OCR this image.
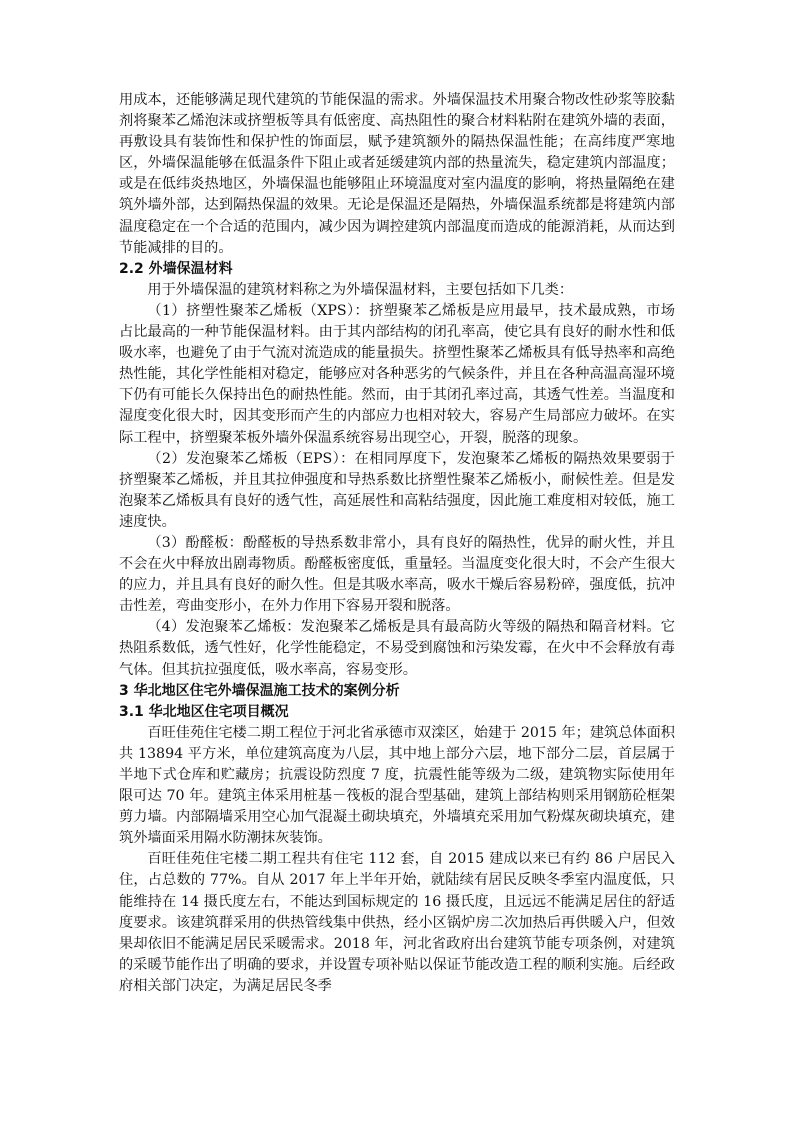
用成本，还能够满足现代建筑的节能保温的需求。外墙保温技术用聚合物改性砂浆等胶黏剂将聚苯乙烯泡沫或挤塑板等具有低密度、高热阻性的聚合材料粘附在建筑外墙的表面，再敷设具有装饰性和保护性的饰面层，赋予建筑额外的隔热保温性能；在高纬度严寒地区，外墙保温能够在低温条件下阻止或者延缓建筑内部的热量流失，稳定建筑内部温度；或是在低纬炎热地区，外墙保温也能够阻止环境温度对室内温度的影响，将热量隔绝在建筑外墙外部，达到隔热保温的效果。无论是保温还是隔热，外墙保温系统都是将建筑内部温度稳定在一个合适的范围内，减少因为调控建筑内部温度而造成的能源消耗，从而达到节能减排的目的。

2.2 外墙保温材料

用于外墙保温的建筑材料称之为外墙保温材料，主要包括如下几类：

（1）挤塑性聚苯乙烯板（XPS）：挤塑聚苯乙烯板是应用最早，技术最成熟，市场占比最高的一种节能保温材料。由于其内部结构的闭孔率高，使它具有良好的耐水性和低吸水率，也避免了由于气流对流造成的能量损失。挤塑性聚苯乙烯板具有低导热率和高绝热性能，其化学性能相对稳定，能够应对各种恶劣的气候条件，并且在各种高温高湿环境下仍有可能长久保持出色的耐热性能。然而，由于其闭孔率过高，其透气性差。当温度和湿度变化很大时，因其变形而产生的内部应力也相对较大，容易产生局部应力破坏。在实际工程中，挤塑聚苯板外墙外保温系统容易出现空心，开裂，脱落的现象。

（2）发泡聚苯乙烯板（EPS）：在相同厚度下，发泡聚苯乙烯板的隔热效果要弱于挤塑聚苯乙烯板，并且其拉伸强度和导热系数比挤塑性聚苯乙烯板小，耐候性差。但是发泡聚苯乙烯板具有良好的透气性，高延展性和高粘结强度，因此施工难度相对较低，施工速度快。

（3）酚醛板：酚醛板的导热系数非常小，具有良好的隔热性，优异的耐火性，并且不会在火中释放出剧毒物质。酚醛板密度低，重量轻。当温度变化很大时，不会产生很大的应力，并且具有良好的耐久性。但是其吸水率高，吸水干燥后容易粉碎，强度低，抗冲击性差，弯曲变形小，在外力作用下容易开裂和脱落。

（4）发泡聚苯乙烯板：发泡聚苯乙烯板是具有最高防火等级的隔热和隔音材料。它热阻系数低，透气性好，化学性能稳定，不易受到腐蚀和污染发霉，在火中不会释放有毒气体。但其抗拉强度低，吸水率高，容易变形。

3 华北地区住宅外墙保温施工技术的案例分析
3.1 华北地区住宅项目概况

百旺佳苑住宅楼二期工程位于河北省承德市双滦区，始建于 2015 年；建筑总体面积共 13894 平方米，单位建筑高度为八层，其中地上部分六层，地下部分二层，首层属于半地下式仓库和贮藏房；抗震设防烈度 7 度，抗震性能等级为二级，建筑物实际使用年限可达 70 年。建筑主体采用桩基－筏板的混合型基础，建筑上部结构则采用钢筋砼框架剪力墙。内部隔墙采用空心加气混凝土砌块填充，外墙填充采用加气粉煤灰砌块填充，建筑外墙面采用隔水防潮抹灰装饰。

百旺佳苑住宅楼二期工程共有住宅 112 套，自 2015 建成以来已有约 86 户居民入住，占总数的 77%。自从 2017 年上半年开始，就陆续有居民反映冬季室内温度低，只能维持在 14 摄氏度左右，不能达到国标规定的 16 摄氏度，且远远不能满足居住的舒适度要求。该建筑群采用的供热管线集中供热，经小区锅炉房二次加热后再供暖入户，但效果却依旧不能满足居民采暖需求。2018 年，河北省政府出台建筑节能专项条例，对建筑的采暖节能作出了明确的要求，并设置专项补贴以保证节能改造工程的顺利实施。后经政府相关部门决定，为满足居民冬季
